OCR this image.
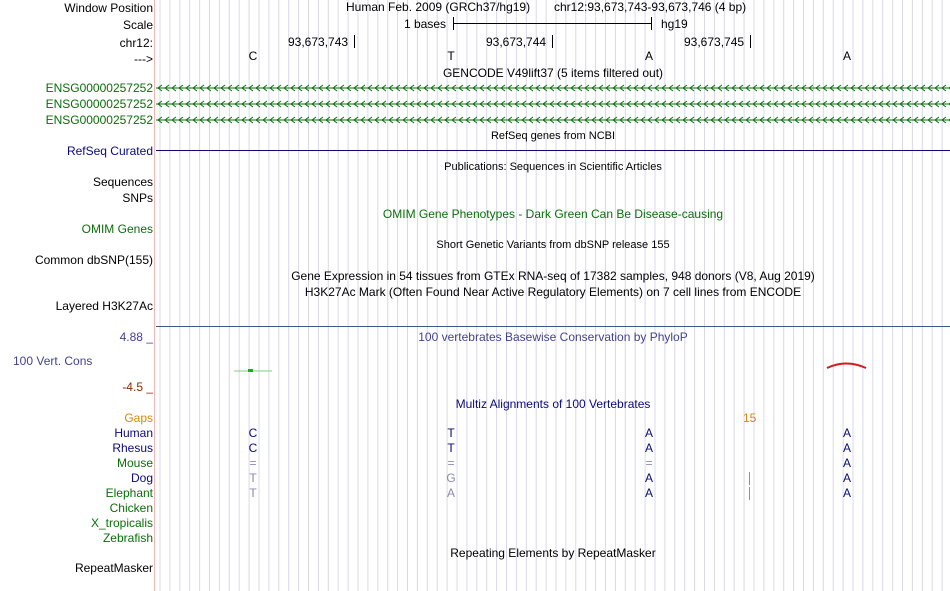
Window Position	Human Feb. 2009 (GRCh37/hg19) chr12:93,673,743-93,673,746 (4 bp)
Scale	1 bases	hg19
chr12:	93,673,743	93,673,744	93,673,745
--->	C	T	A	A
GENCODE V49lift37 (5 items filtered out)
ENSG00000257252
ENSG00000257252
ENSG00000257252
RefSeq genes from NCBI
RefSeq Curated
Publications: Sequences in Scientific Articles
Sequences
SNPs
OMIM Gene Phenotypes - Dark Green Can Be Disease-causing
OMIM Genes
Short Genetic Variants from dbSNP release 155
Common dbSNP(155)
Gene Expression in 54 tissues from GTEx RNA-seq of 17382 samples, 948 donors (V8, Aug 2019)
H3K27Ac Mark (Often Found Near Active Regulatory Elements) on 7 cell lines from ENCODE
Layered H3K27Ac
100 vertebrates Basewise Conservation by PhyloP
4.88 _
100 Vert. Cons
-4.5 _
Multiz Alignments of 100 Vertebrates
Gaps	15
Human	C	T	A	A
Rhesus	C	T	A	A
Mouse	=	=	=	A
Dog	T	G	A	A
Elephant	T	A	A	A
Chicken
X_tropicalis
Zebrafish
Repeating Elements by RepeatMasker
RepeatMasker
